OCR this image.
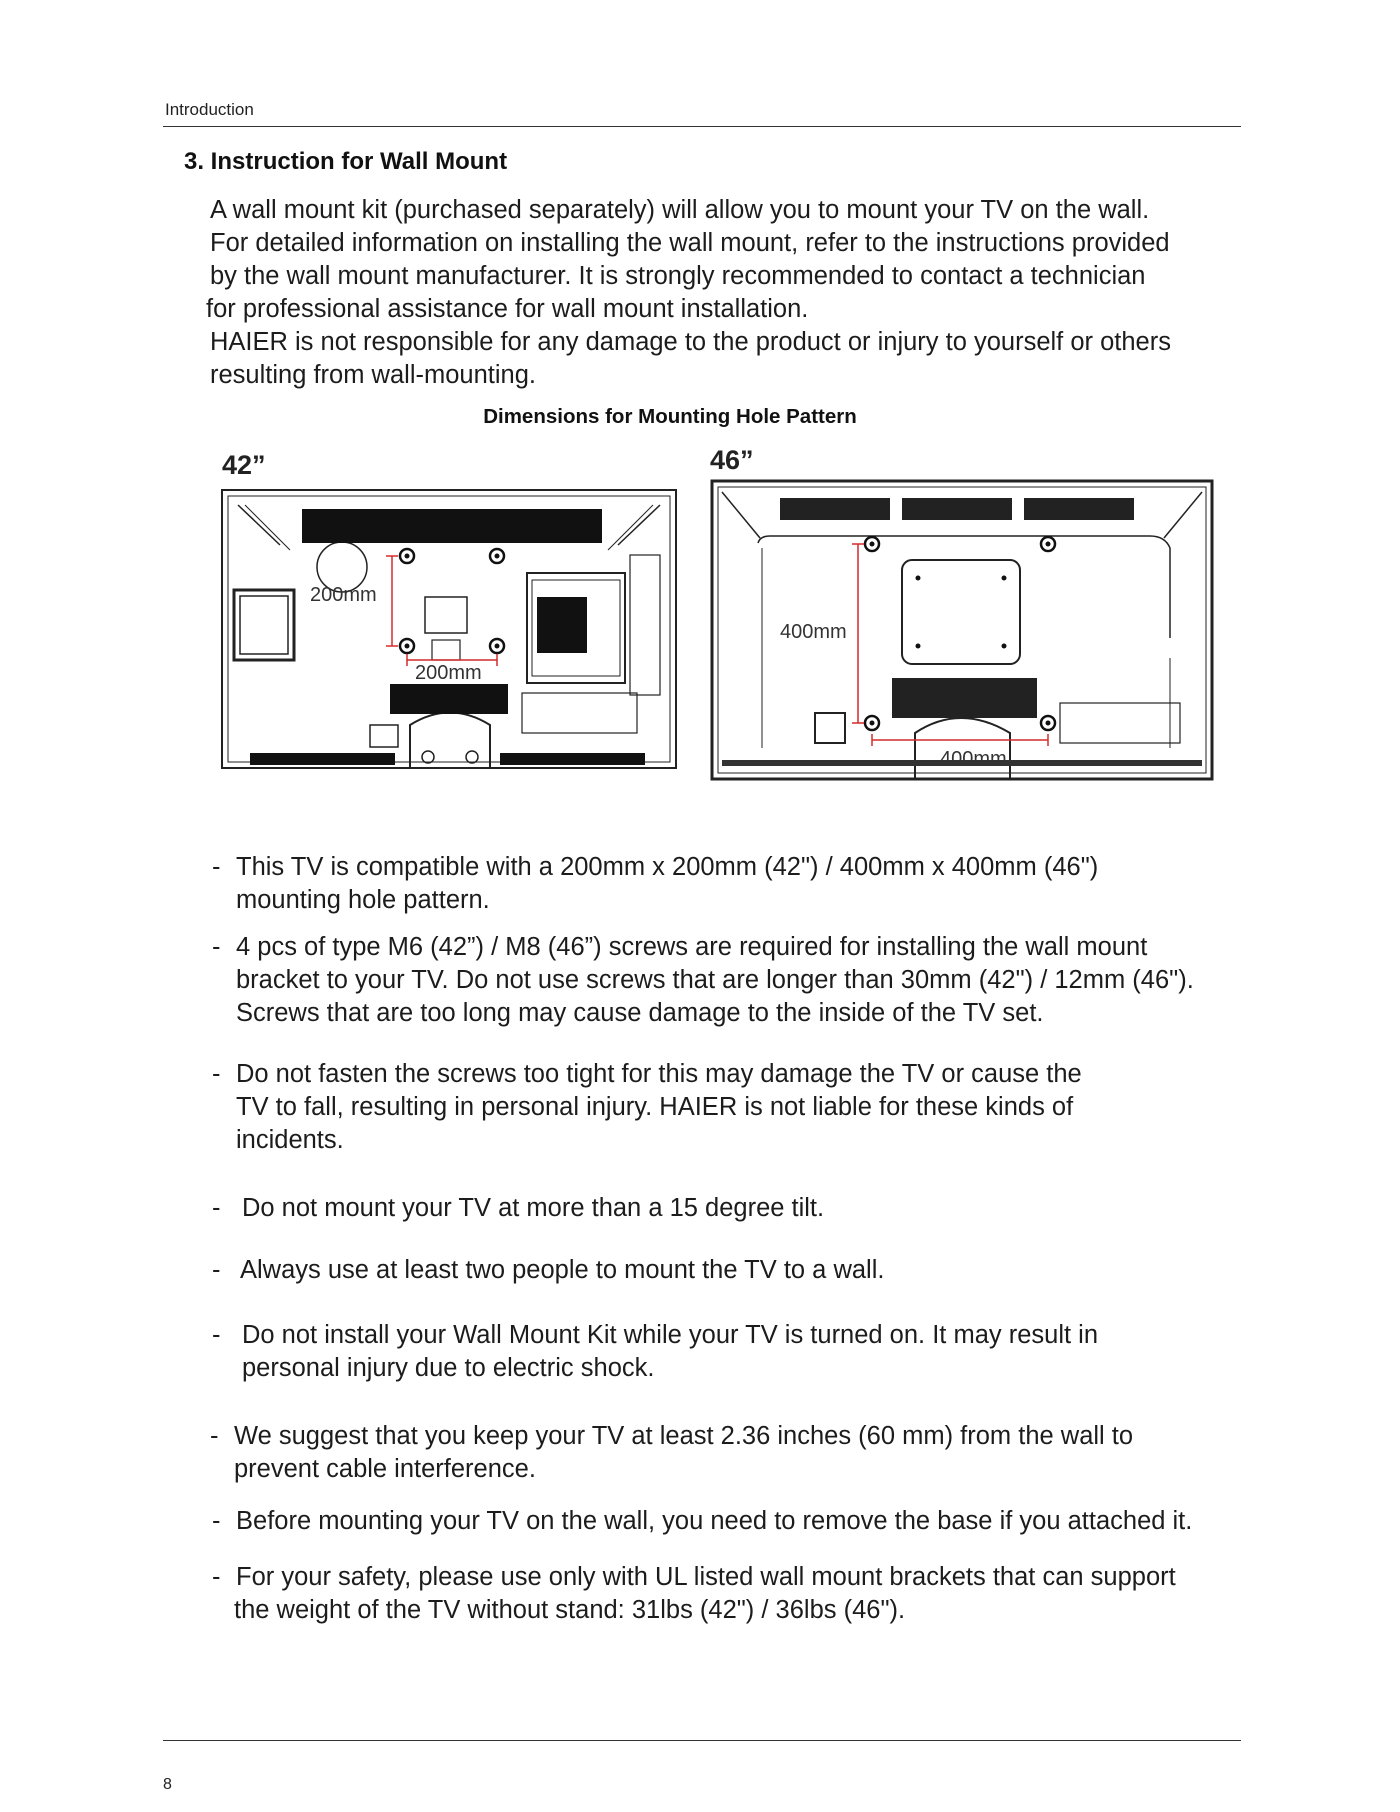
Introduction
3. Instruction for Wall Mount
A wall mount kit (purchased separately) will allow you to mount your TV on the wall.
For detailed information on installing the wall mount, refer to the instructions provided
by the wall mount manufacturer. It is strongly recommended to contact a technician
for professional assistance for wall mount installation.
HAIER is not responsible for any damage to the product or injury to yourself or others
resulting from wall-mounting.
Dimensions for Mounting Hole Pattern
42”	46”
200mm
200mm
400mm
400mm
- This TV is compatible with a 200mm x 200mm (42") / 400mm x 400mm (46")
mounting hole pattern.
- 4 pcs of type M6 (42”) / M8 (46”) screws are required for installing the wall mount
bracket to your TV. Do not use screws that are longer than 30mm (42") / 12mm (46").
Screws that are too long may cause damage to the inside of the TV set.
- Do not fasten the screws too tight for this may damage the TV or cause the
TV to fall, resulting in personal injury. HAIER is not liable for these kinds of
incidents.
- Do not mount your TV at more than a 15 degree tilt.
- Always use at least two people to mount the TV to a wall.
- Do not install your Wall Mount Kit while your TV is turned on. It may result in
personal injury due to electric shock.
- We suggest that you keep your TV at least 2.36 inches (60 mm) from the wall to
prevent cable interference.
- Before mounting your TV on the wall, you need to remove the base if you attached it.
- For your safety, please use only with UL listed wall mount brackets that can support
the weight of the TV without stand: 31lbs (42") / 36lbs (46").
8
